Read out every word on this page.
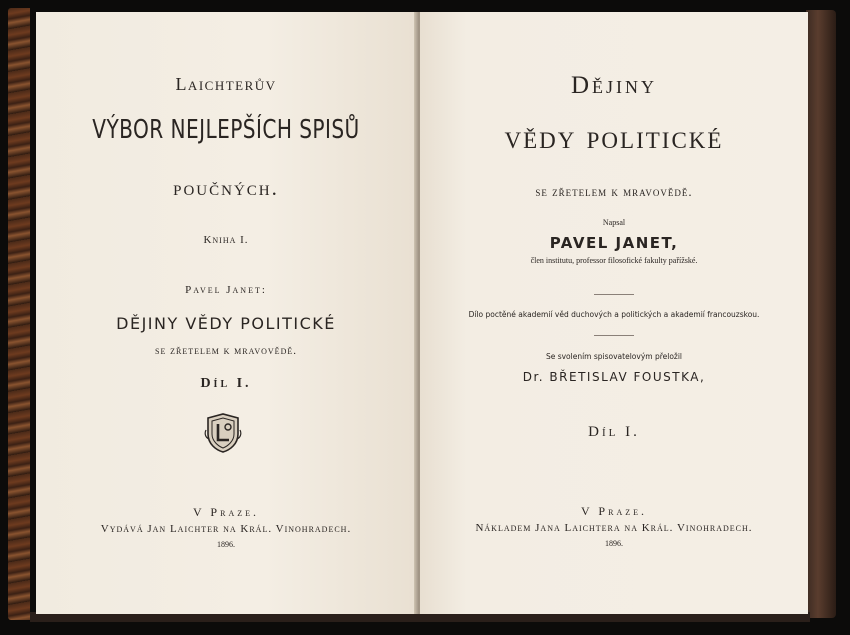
Laichterův
VÝBOR NEJLEPŠÍCH SPISŮ
poučných.
Kniha I.
Pavel Janet:
DĚJINY VĚDY POLITICKÉ
se zřetelem k mravovědě.
Díl I.
V Praze.
Vydává Jan Laichter na Král. Vinohradech.
1896.
Dějiny
vědy politické
se zřetelem k mravovědě.
Napsal
PAVEL JANET,
člen institutu, professor filosofické fakulty pařížské.
Dílo poctěné akademií věd duchových a politických a akademií francouzskou.
Se svolením spisovatelovým přeložil
Dr. BŘETISLAV FOUSTKA,
Díl I.
V Praze.
Nákladem Jana Laichtera na Král. Vinohradech.
1896.
